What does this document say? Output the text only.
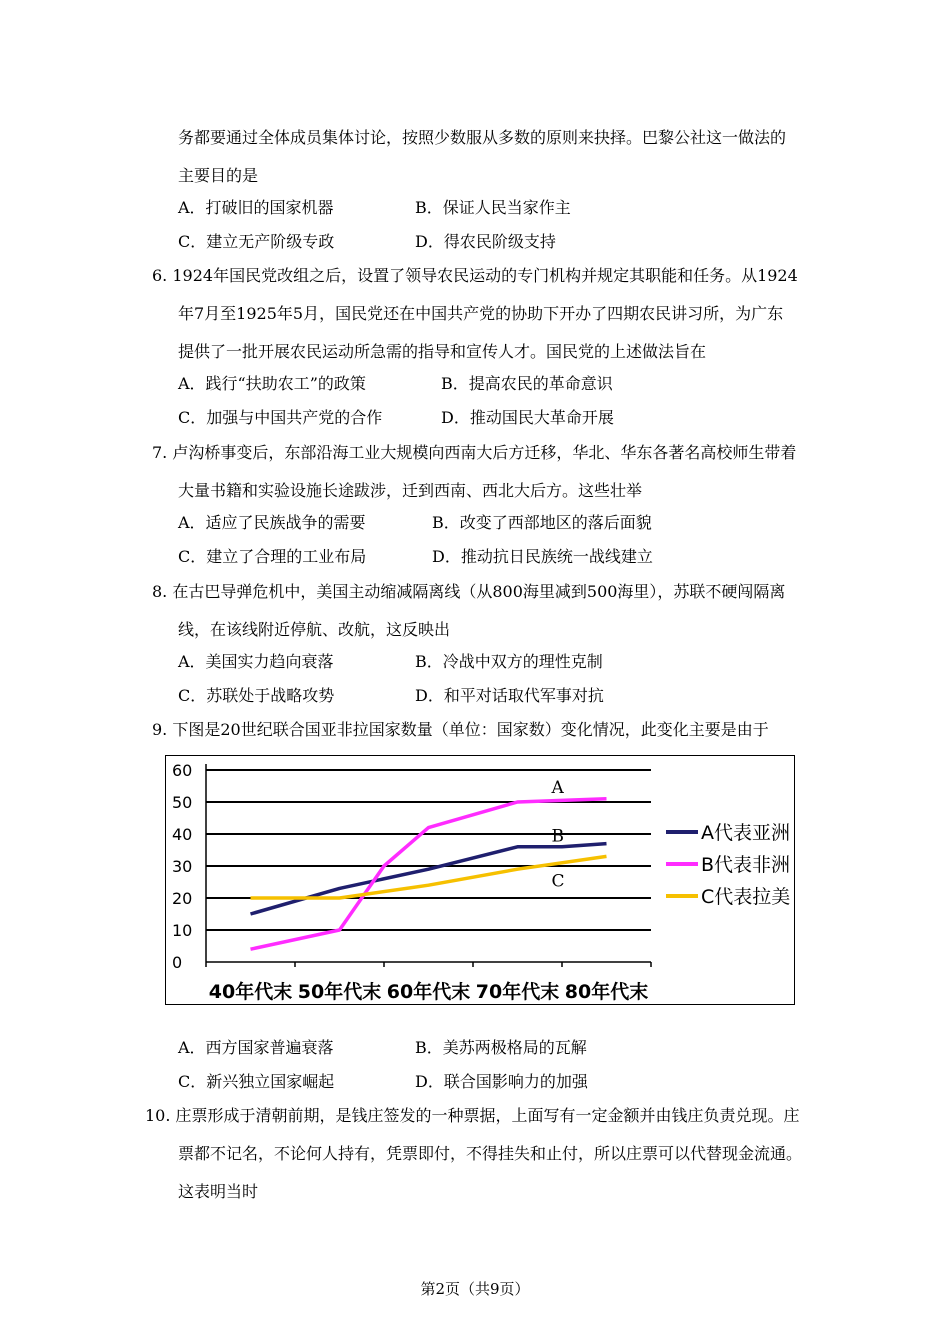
务都要通过全体成员集体讨论，按照少数服从多数的原则来抉择。巴黎公社这一做法的
主要目的是
A．打破旧的国家机器	B．保证人民当家作主
C．建立无产阶级专政	D．得农民阶级支持
6. 1924年国民党改组之后，设置了领导农民运动的专门机构并规定其职能和任务。从1924
年7月至1925年5月，国民党还在中国共产党的协助下开办了四期农民讲习所，为广东
提供了一批开展农民运动所急需的指导和宣传人才。国民党的上述做法旨在
A．践行“扶助农工”的政策	B．提高农民的革命意识
C．加强与中国共产党的合作	D．推动国民大革命开展
7. 卢沟桥事变后，东部沿海工业大规模向西南大后方迁移，华北、华东各著名高校师生带着
大量书籍和实验设施长途跋涉，迁到西南、西北大后方。这些壮举
A．适应了民族战争的需要	B．改变了西部地区的落后面貌
C．建立了合理的工业布局	D．推动抗日民族统一战线建立
8. 在古巴导弹危机中，美国主动缩减隔离线（从800海里减到500海里），苏联不硬闯隔离
线，在该线附近停航、改航，这反映出
A．美国实力趋向衰落	B．冷战中双方的理性克制
C．苏联处于战略攻势	D．和平对话取代军事对抗
9. 下图是20世纪联合国亚非拉国家数量（单位：国家数）变化情况，此变化主要是由于
0
10
20
30
40
50
60
40年代末 50年代末 60年代末 70年代末 80年代末
B	A代表亚洲
A
B代表非洲
C
C代表拉美
A．西方国家普遍衰落	B．美苏两极格局的瓦解
C．新兴独立国家崛起	D．联合国影响力的加强
10. 庄票形成于清朝前期，是钱庄签发的一种票据，上面写有一定金额并由钱庄负责兑现。庄
票都不记名，不论何人持有，凭票即付，不得挂失和止付，所以庄票可以代替现金流通。
这表明当时
第2页（共9页）
